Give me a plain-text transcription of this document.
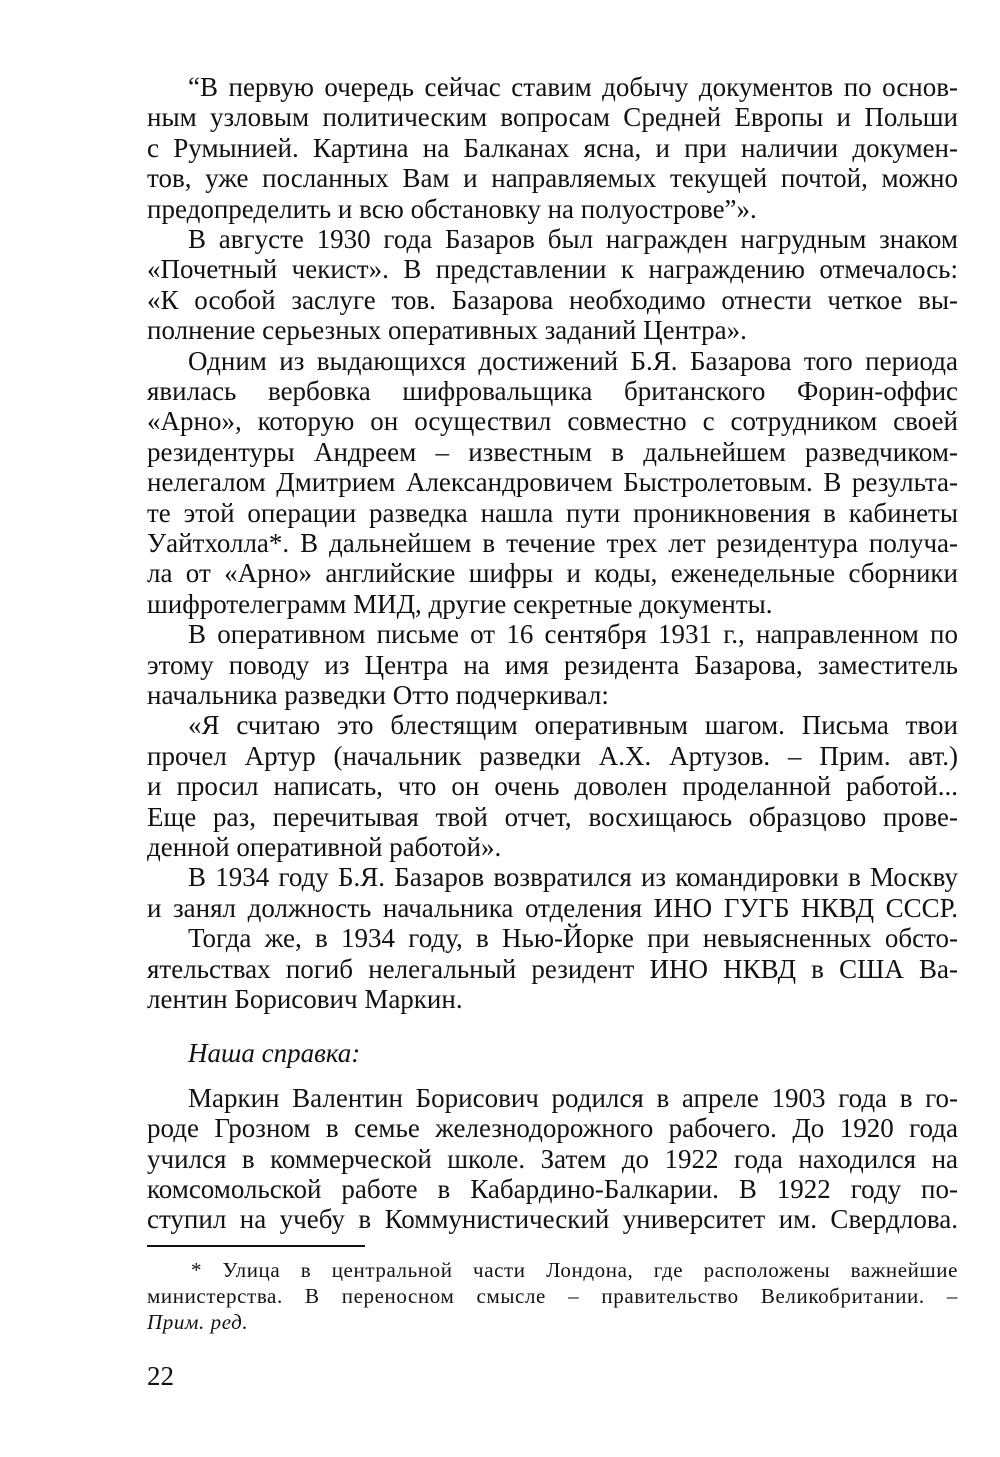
“В первую очередь сейчас ставим добычу документов по основ-
ным узловым политическим вопросам Средней Европы и Польши
с Румынией. Картина на Балканах ясна, и при наличии докумен-
тов, уже посланных Вам и направляемых текущей почтой, можно
предопределить и всю обстановку на полуострове”».
В августе 1930 года Базаров был награжден нагрудным знаком
«Почетный чекист». В представлении к награждению отмечалось:
«К особой заслуге тов. Базарова необходимо отнести четкое вы-
полнение серьезных оперативных заданий Центра».
Одним из выдающихся достижений Б.Я. Базарова того периода
явилась вербовка шифровальщика британского Форин-оффис
«Арно», которую он осуществил совместно с сотрудником своей
резидентуры Андреем – известным в дальнейшем разведчиком-
нелегалом Дмитрием Александровичем Быстролетовым. В результа-
те этой операции разведка нашла пути проникновения в кабинеты
Уайтхолла*. В дальнейшем в течение трех лет резидентура получа-
ла от «Арно» английские шифры и коды, еженедельные сборники
шифротелеграмм МИД, другие секретные документы.
В оперативном письме от 16 сентября 1931 г., направленном по
этому поводу из Центра на имя резидента Базарова, заместитель
начальника разведки Отто подчеркивал:
«Я считаю это блестящим оперативным шагом. Письма твои
прочел Артур (начальник разведки А.Х. Артузов. – Прим. авт.)
и просил написать, что он очень доволен проделанной работой...
Еще раз, перечитывая твой отчет, восхищаюсь образцово прове-
денной оперативной работой».
В 1934 году Б.Я. Базаров возвратился из командировки в Москву
и занял должность начальника отделения ИНО ГУГБ НКВД СССР.
Тогда же, в 1934 году, в Нью-Йорке при невыясненных обсто-
ятельствах погиб нелегальный резидент ИНО НКВД в США Ва-
лентин Борисович Маркин.
Наша справка:
Маркин Валентин Борисович родился в апреле 1903 года в го-
роде Грозном в семье железнодорожного рабочего. До 1920 года
учился в коммерческой школе. Затем до 1922 года находился на
комсомольской работе в Кабардино-Балкарии. В 1922 году по-
ступил на учебу в Коммунистический университет им. Свердлова.
* Улица в центральной части Лондона, где расположены важнейшие
министерства. В переносном смысле – правительство Великобритании. –
Прим. ред.
22
